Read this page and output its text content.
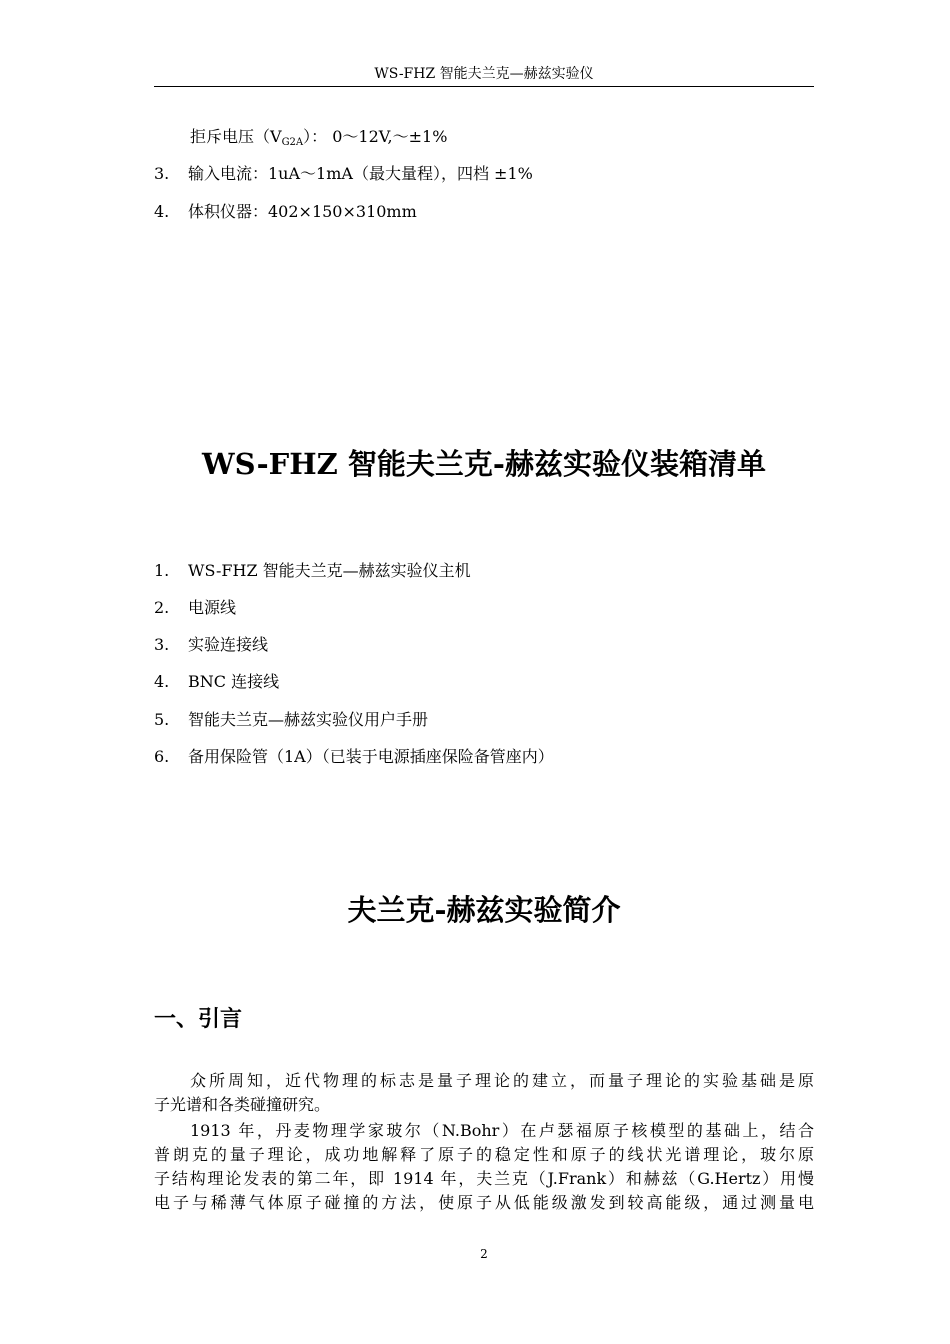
WS-FHZ 智能夫兰克—赫兹实验仪
拒斥电压$(V_{G2A})$： 0～12V,～±1%
3. 输入电流：1uA～1mA（最大量程），四档 ±1%
4. 体积仪器：402×150×310mm
WS-FHZ 智能夫兰克-赫兹实验仪装箱清单
1. WS-FHZ 智能夫兰克—赫兹实验仪主机
2. 电源线
3. 实验连接线
4. BNC 连接线
5. 智能夫兰克—赫兹实验仪用户手册
6. 备用保险管（1A）（已装于电源插座保险备管座内）
夫兰克-赫兹实验简介
一、引言
众所周知，近代物理的标志是量子理论的建立，而量子理论的实验基础是原
子光谱和各类碰撞研究。
1913 年，丹麦物理学家玻尔（N.Bohr）在卢瑟福原子核模型的基础上，结合
普朗克的量子理论，成功地解释了原子的稳定性和原子的线状光谱理论，玻尔原
子结构理论发表的第二年，即 1914 年，夫兰克（J.Frank）和赫兹（G.Hertz）用慢
电子与稀薄气体原子碰撞的方法，使原子从低能级激发到较高能级，通过测量电
2
